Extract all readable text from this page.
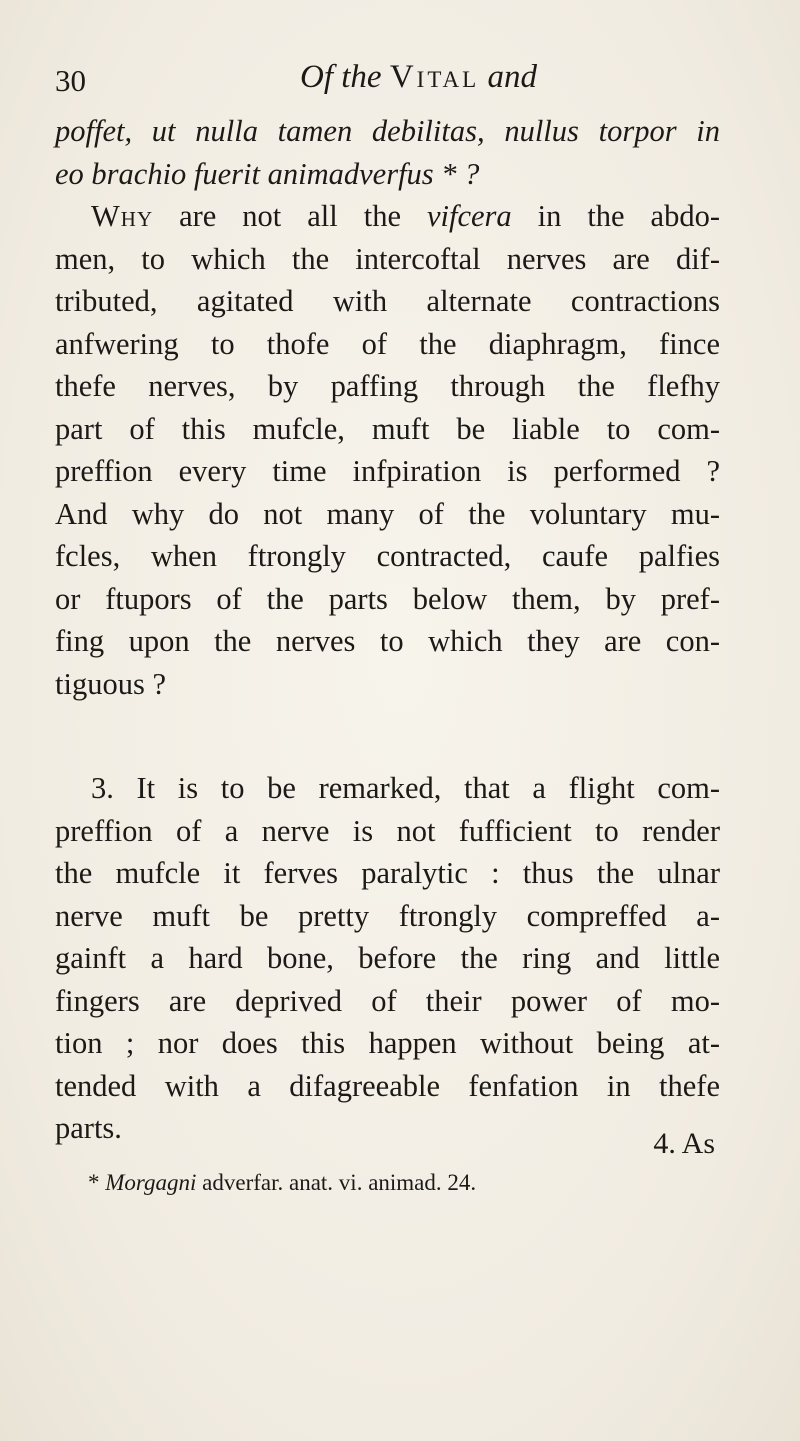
30	Of the Vital and

poffet, ut nulla tamen debilitas, nullus torpor in
eo brachio fuerit animadverfus * ?

Why are not all the vifcera in the abdo-
men, to which the intercoftal nerves are dif-
tributed, agitated with alternate contractions
anfwering to thofe of the diaphragm, fince
thefe nerves, by paffing through the flefhy
part of this mufcle, muft be liable to com-
preffion every time infpiration is performed ?
And why do not many of the voluntary mu-
fcles, when ftrongly contracted, caufe palfies
or ftupors of the parts below them, by pref-
fing upon the nerves to which they are con-
tiguous ?

3. It is to be remarked, that a flight com-
preffion of a nerve is not fufficient to render
the mufcle it ferves paralytic : thus the ulnar
nerve muft be pretty ftrongly compreffed a-
gainft a hard bone, before the ring and little
fingers are deprived of their power of mo-
tion ; nor does this happen without being at-
tended with a difagreeable fenfation in thefe
parts.	4. As
* Morgagni adverfar. anat. vi. animad. 24.
